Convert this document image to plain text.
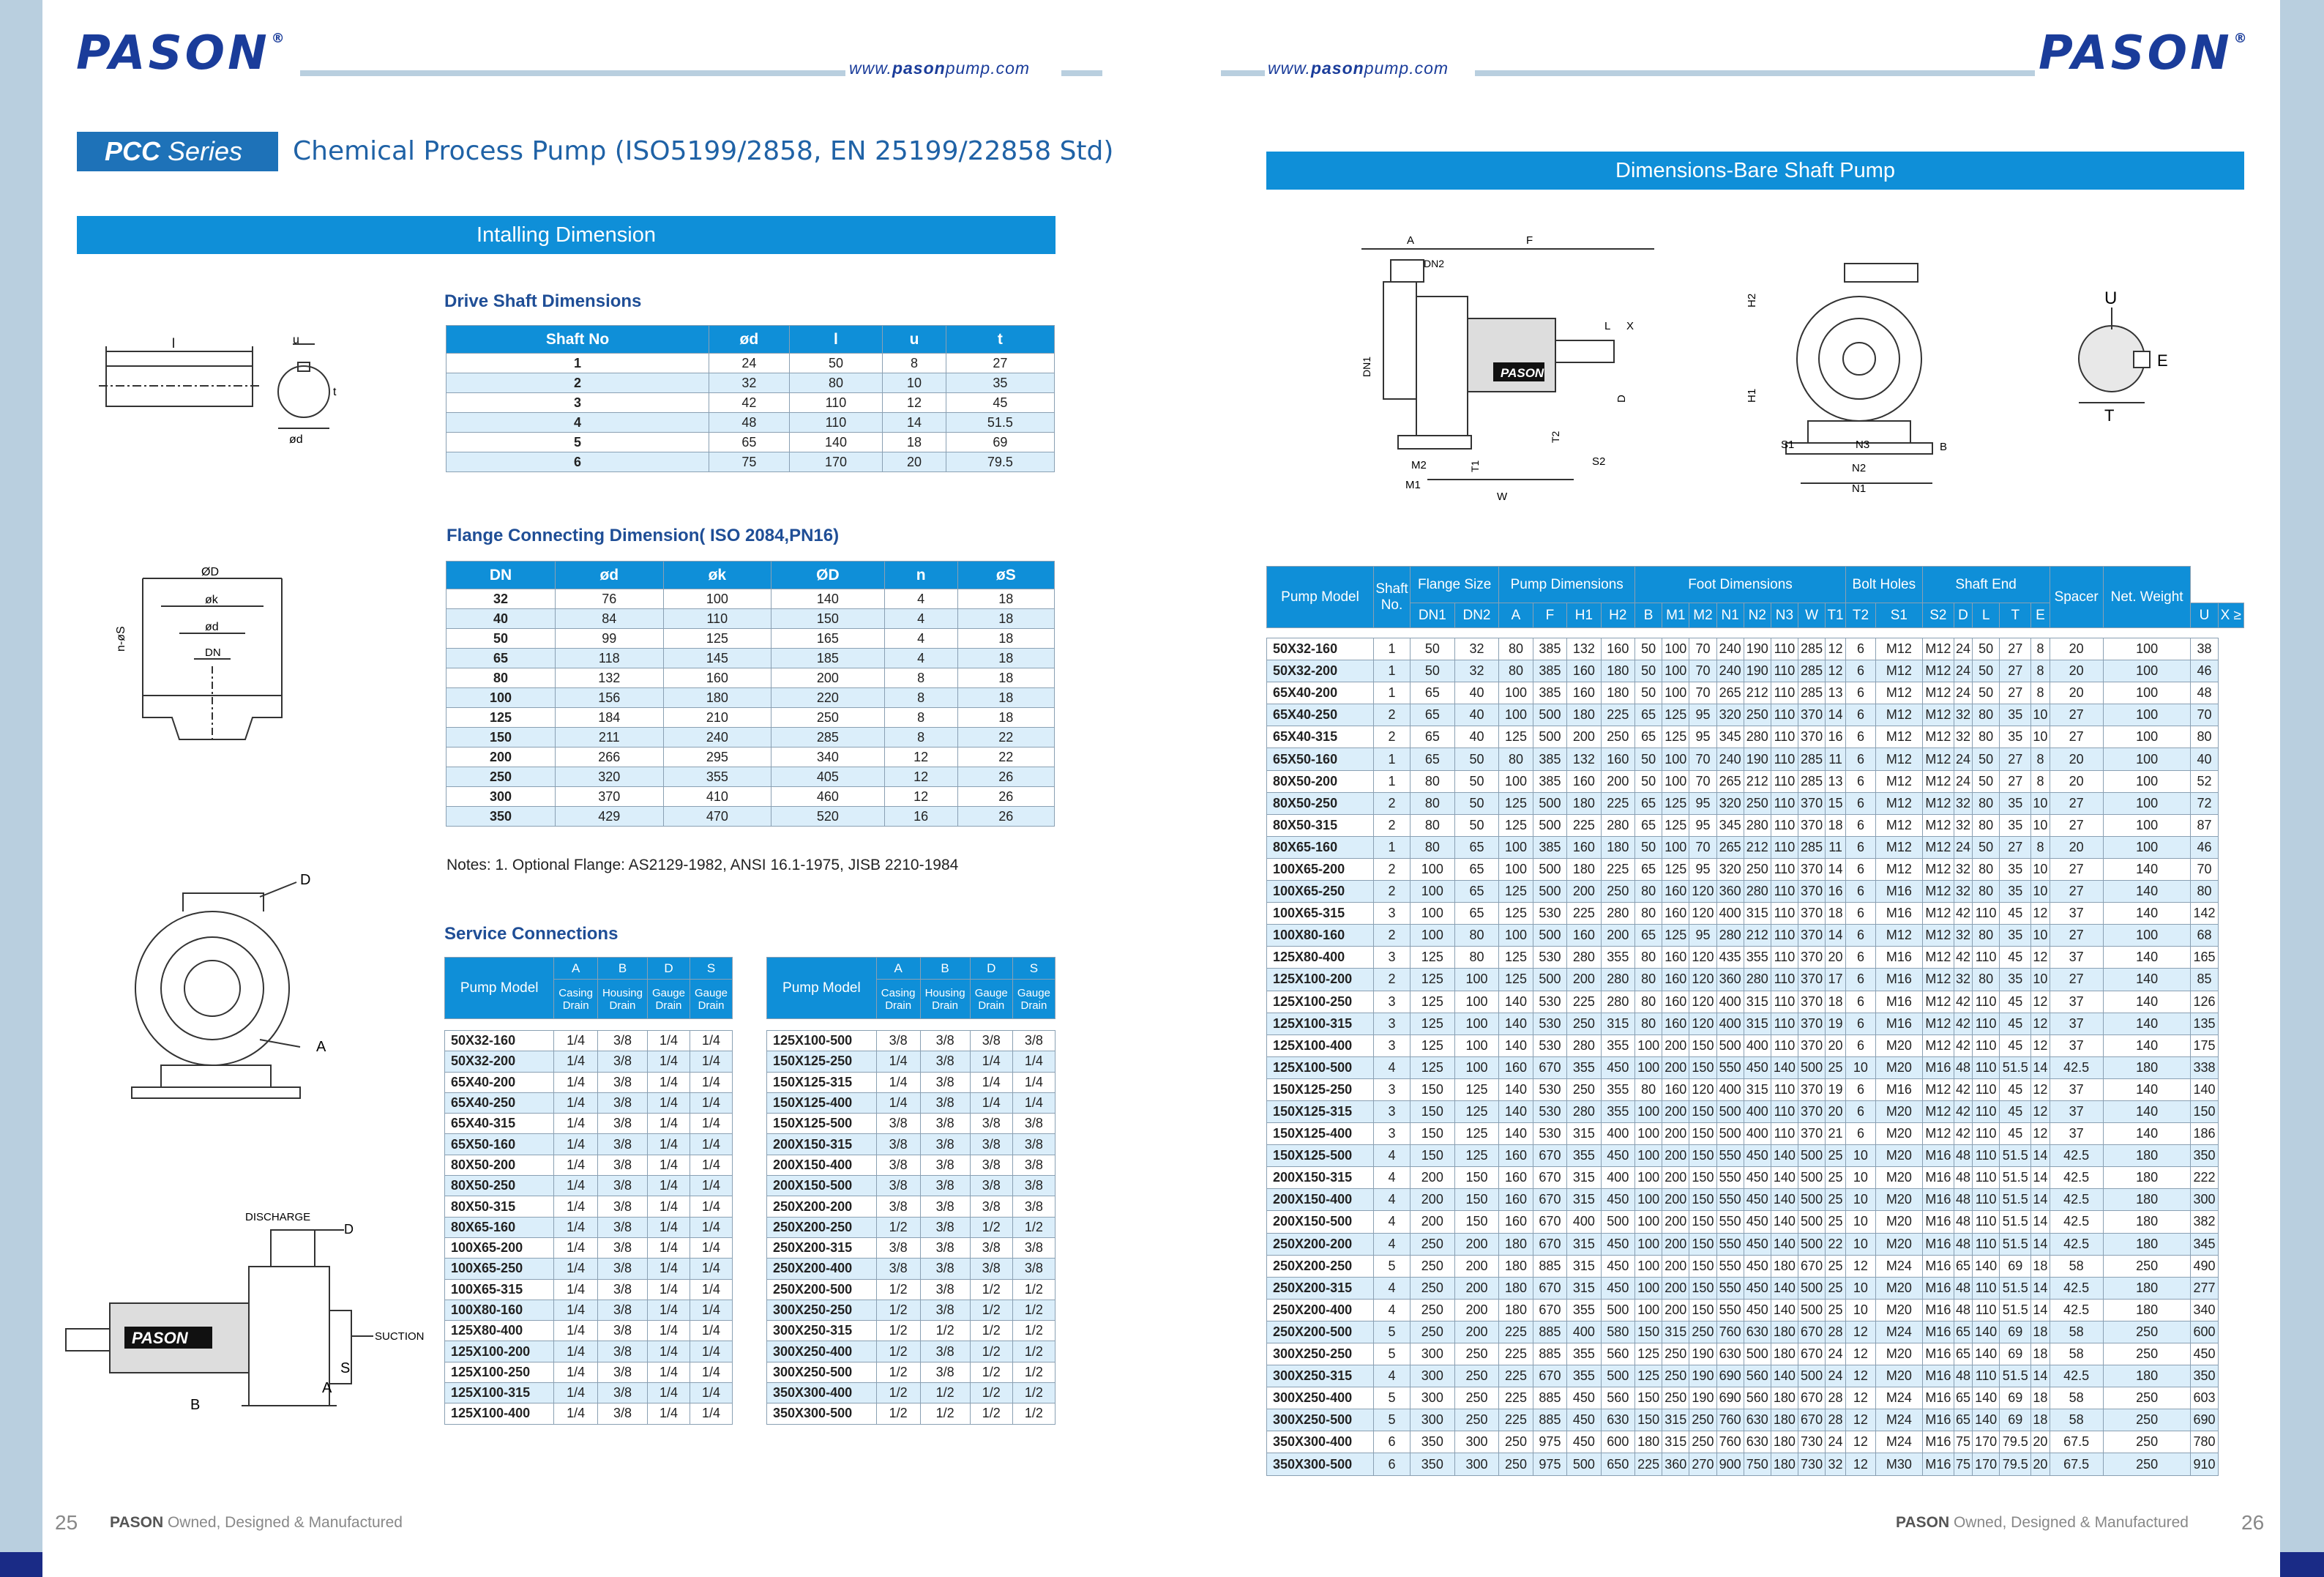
PASON ®
www.pasonpump.com	www.pasonpump.com	PASON ®
PCC Series	Chemical Process Pump (ISO5199/2858, EN 25199/22858 Std)
Intalling Dimension
Dimensions-Bare Shaft Pump
Drive Shaft Dimensions
Shaft No	ød	l	u	t
1	24	50	8	27
2	32	80	10	35
3	42	110	12	45
4	48	110	14	51.5
5	65	140	18	69
6	75	170	20	79.5
Flange Connecting Dimension( ISO 2084,PN16)
DN	ød	øk	ØD	n	øS
32	76	100	140	4	18
40	84	110	150	4	18
50	99	125	165	4	18
65	118	145	185	4	18
80	132	160	200	8	18
100	156	180	220	8	18
125	184	210	250	8	18
150	211	240	285	8	22
200	266	295	340	12	22
250	320	355	405	12	26
300	370	410	460	12	26
350	429	470	520	16	26
Notes: 1. Optional Flange: AS2129-1982, ANSI 16.1-1975, JISB 2210-1984
Service Connections
Pump Model	A	B	D	S
	Casing Drain	Housing Drain	Gauge Drain	Gauge Drain

50X32-160	1/4	3/8	1/4	1/4
50X32-200	1/4	3/8	1/4	1/4
65X40-200	1/4	3/8	1/4	1/4
65X40-250	1/4	3/8	1/4	1/4
65X40-315	1/4	3/8	1/4	1/4
65X50-160	1/4	3/8	1/4	1/4
80X50-200	1/4	3/8	1/4	1/4
80X50-250	1/4	3/8	1/4	1/4
80X50-315	1/4	3/8	1/4	1/4
80X65-160	1/4	3/8	1/4	1/4
100X65-200	1/4	3/8	1/4	1/4
100X65-250	1/4	3/8	1/4	1/4
100X65-315	1/4	3/8	1/4	1/4
100X80-160	1/4	3/8	1/4	1/4
125X80-400	1/4	3/8	1/4	1/4
125X100-200	1/4	3/8	1/4	1/4
125X100-250	1/4	3/8	1/4	1/4
125X100-315	1/4	3/8	1/4	1/4
125X100-400	1/4	3/8	1/4	1/4
Pump Model	A	B	D	S
	Casing Drain	Housing Drain	Gauge Drain	Gauge Drain

125X100-500	3/8	3/8	3/8	3/8
150X125-250	1/4	3/8	1/4	1/4
150X125-315	1/4	3/8	1/4	1/4
150X125-400	1/4	3/8	1/4	1/4
150X125-500	3/8	3/8	3/8	3/8
200X150-315	3/8	3/8	3/8	3/8
200X150-400	3/8	3/8	3/8	3/8
200X150-500	3/8	3/8	3/8	3/8
250X200-200	3/8	3/8	3/8	3/8
250X200-250	1/2	3/8	1/2	1/2
250X200-315	3/8	3/8	3/8	3/8
250X200-400	3/8	3/8	3/8	3/8
250X200-500	1/2	3/8	1/2	1/2
300X250-250	1/2	3/8	1/2	1/2
300X250-315	1/2	1/2	1/2	1/2
300X250-400	1/2	3/8	1/2	1/2
300X250-500	1/2	3/8	1/2	1/2
350X300-400	1/2	1/2	1/2	1/2
350X300-500	1/2	1/2	1/2	1/2
Pump Model	Shaft No.	Flange Size		Pump Dimensions				Foot Dimensions								Bolt Holes		Shaft End					Spacer	Net. Weight		
		DN1	DN2	A	F	H1	H2	B	M1	M2	N1	N2	N3	W	T1	T2	S1	S2	D	L	T	E			U	X ≥

50X32-160	1	50	32	80	385	132	160	50	100	70	240	190	110	285	12	6	M12	M12	24	50	27	8	20	100	38	
50X32-200	1	50	32	80	385	160	180	50	100	70	240	190	110	285	12	6	M12	M12	24	50	27	8	20	100	46	
65X40-200	1	65	40	100	385	160	180	50	100	70	265	212	110	285	13	6	M12	M12	24	50	27	8	20	100	48	
65X40-250	2	65	40	100	500	180	225	65	125	95	320	250	110	370	14	6	M12	M12	32	80	35	10	27	100	70	
65X40-315	2	65	40	125	500	200	250	65	125	95	345	280	110	370	16	6	M12	M12	32	80	35	10	27	100	80	
65X50-160	1	65	50	80	385	132	160	50	100	70	240	190	110	285	11	6	M12	M12	24	50	27	8	20	100	40	
80X50-200	1	80	50	100	385	160	200	50	100	70	265	212	110	285	13	6	M12	M12	24	50	27	8	20	100	52	
80X50-250	2	80	50	125	500	180	225	65	125	95	320	250	110	370	15	6	M12	M12	32	80	35	10	27	100	72	
80X50-315	2	80	50	125	500	225	280	65	125	95	345	280	110	370	18	6	M12	M12	32	80	35	10	27	100	87	
80X65-160	1	80	65	100	385	160	180	50	100	70	265	212	110	285	11	6	M12	M12	24	50	27	8	20	100	46	
100X65-200	2	100	65	100	500	180	225	65	125	95	320	250	110	370	14	6	M12	M12	32	80	35	10	27	140	70	
100X65-250	2	100	65	125	500	200	250	80	160	120	360	280	110	370	16	6	M16	M12	32	80	35	10	27	140	80	
100X65-315	3	100	65	125	530	225	280	80	160	120	400	315	110	370	18	6	M16	M12	42	110	45	12	37	140	142	
100X80-160	2	100	80	100	500	160	200	65	125	95	280	212	110	370	14	6	M12	M12	32	80	35	10	27	100	68	
125X80-400	3	125	80	125	530	280	355	80	160	120	435	355	110	370	20	6	M16	M12	42	110	45	12	37	140	165	
125X100-200	2	125	100	125	500	200	280	80	160	120	360	280	110	370	17	6	M16	M12	32	80	35	10	27	140	85	
125X100-250	3	125	100	140	530	225	280	80	160	120	400	315	110	370	18	6	M16	M12	42	110	45	12	37	140	126	
125X100-315	3	125	100	140	530	250	315	80	160	120	400	315	110	370	19	6	M16	M12	42	110	45	12	37	140	135	
125X100-400	3	125	100	140	530	280	355	100	200	150	500	400	110	370	20	6	M20	M12	42	110	45	12	37	140	175	
125X100-500	4	125	100	160	670	355	450	100	200	150	550	450	140	500	25	10	M20	M16	48	110	51.5	14	42.5	180	338	
150X125-250	3	150	125	140	530	250	355	80	160	120	400	315	110	370	19	6	M16	M12	42	110	45	12	37	140	140	
150X125-315	3	150	125	140	530	280	355	100	200	150	500	400	110	370	20	6	M20	M12	42	110	45	12	37	140	150	
150X125-400	3	150	125	140	530	315	400	100	200	150	500	400	110	370	21	6	M20	M12	42	110	45	12	37	140	186	
150X125-500	4	150	125	160	670	355	450	100	200	150	550	450	140	500	25	10	M20	M16	48	110	51.5	14	42.5	180	350	
200X150-315	4	200	150	160	670	315	400	100	200	150	550	450	140	500	25	10	M20	M16	48	110	51.5	14	42.5	180	222	
200X150-400	4	200	150	160	670	315	450	100	200	150	550	450	140	500	25	10	M20	M16	48	110	51.5	14	42.5	180	300	
200X150-500	4	200	150	160	670	400	500	100	200	150	550	450	140	500	25	10	M20	M16	48	110	51.5	14	42.5	180	382	
250X200-200	4	250	200	180	670	315	450	100	200	150	550	450	140	500	22	10	M20	M16	48	110	51.5	14	42.5	180	345	
250X200-250	5	250	200	180	885	315	450	100	200	150	550	450	180	670	25	12	M24	M16	65	140	69	18	58	250	490	
250X200-315	4	250	200	180	670	315	450	100	200	150	550	450	140	500	25	10	M20	M16	48	110	51.5	14	42.5	180	277	
250X200-400	4	250	200	180	670	355	500	100	200	150	550	450	140	500	25	10	M20	M16	48	110	51.5	14	42.5	180	340	
250X200-500	5	250	200	225	885	400	580	150	315	250	760	630	180	670	28	12	M24	M16	65	140	69	18	58	250	600	
300X250-250	5	300	250	225	885	355	560	125	250	190	630	500	180	670	24	12	M20	M16	65	140	69	18	58	250	450	
300X250-315	4	300	250	225	670	355	500	125	250	190	690	560	140	500	24	12	M20	M16	48	110	51.5	14	42.5	180	350	
300X250-400	5	300	250	225	885	450	560	150	250	190	690	560	180	670	28	12	M24	M16	65	140	69	18	58	250	603	
300X250-500	5	300	250	225	885	450	630	150	315	250	760	630	180	670	28	12	M24	M16	65	140	69	18	58	250	690	
350X300-400	6	350	300	250	975	450	600	180	315	250	760	630	180	730	24	12	M24	M16	75	170	79.5	20	67.5	250	780	
350X300-500	6	350	300	250	975	500	650	225	360	270	900	750	180	730	32	12	M30	M16	75	170	79.5	20	67.5	250	910	
l	u
t
ød
ØD
øk
ød
DN
n-øS
D
A
PASON
DISCHARGE
D
SUCTION
S
A
B
PASON
A	F
DN2
DN1
L X
D
M2
M1
T1
T2
S2
W
H2
H1
S1	N3	B
N2
N1
U
E
T
25 PASON Owned, Designed & Manufactured	PASON Owned, Designed & Manufactured	26
